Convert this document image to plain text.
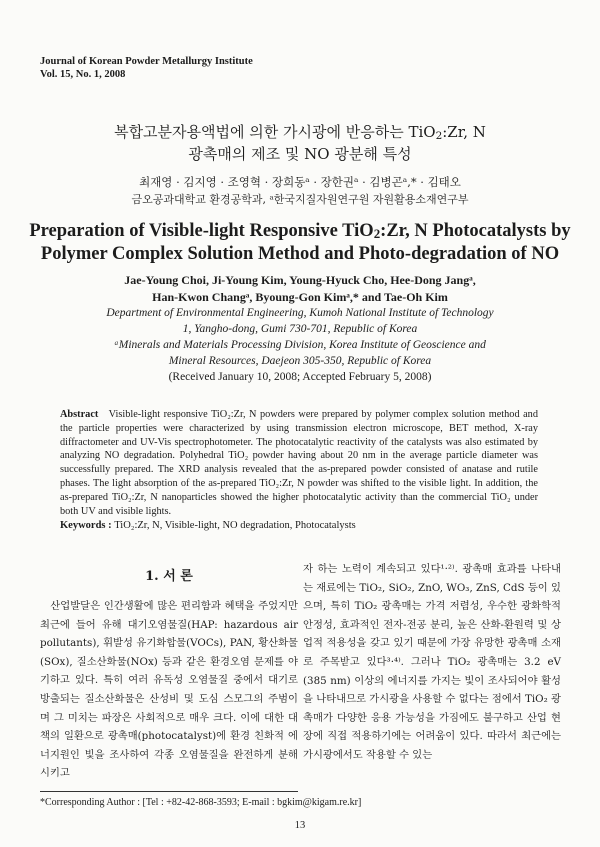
Journal of Korean Powder Metallurgy Institute
Vol. 15, No. 1, 2008
복합고분자용액법에 의한 가시광에 반응하는 TiO$_2$:Zr, N
광촉매의 제조 및 NO 광분해 특성
최재영 · 김지영 · 조영혁 · 장희동ᵃ · 장한권ᵃ · 김병곤ᵃ,* · 김태오
금오공과대학교 환경공학과, ᵃ한국지질자원연구원 자원활용소재연구부
Preparation of Visible-light Responsive TiO$_2$:Zr, N Photocatalysts by
Polymer Complex Solution Method and Photo-degradation of NO
Jae-Young Choi, Ji-Young Kim, Young-Hyuck Cho, Hee-Dong Jangᵃ,
Han-Kwon Changᵃ, Byoung-Gon Kimᵃ,* and Tae-Oh Kim
Department of Environmental Engineering, Kumoh National Institute of Technology
1, Yangho-dong, Gumi 730-701, Republic of Korea
ᵃMinerals and Materials Processing Division, Korea Institute of Geoscience and
Mineral Resources, Daejeon 305-350, Republic of Korea
(Received January 10, 2008; Accepted February 5, 2008)
Abstract Visible-light responsive TiO₂:Zr, N powders were prepared by polymer complex solution method and the particle properties were characterized by using transmission electron microscope, BET method, X-ray diffractometer and UV-Vis spectrophotometer. The photocatalytic reactivity of the catalysts was also estimated by analyzing NO degradation. Polyhedral TiO₂ powder having about 20 nm in the average particle diameter was successfully prepared. The XRD analysis revealed that the as-prepared powder consisted of anatase and rutile phases. The light absorption of the as-prepared TiO₂:Zr, N powder was shifted to the visible light. In addition, the as-prepared TiO₂:Zr, N nanoparticles showed the higher photocatalytic activity than the commercial TiO₂ under both UV and visible lights.
Keywords : TiO₂:Zr, N, Visible-light, NO degradation, Photocatalysts
1. 서 론
산업발달은 인간생활에 많은 편리함과 혜택을 주었지만 최근에 들어 유해 대기오염물질(HAP: hazardous air pollutants), 휘발성 유기화합물(VOCs), PAN, 황산화물(SOx), 질소산화물(NOx) 등과 같은 환경오염 문제를 야기하고 있다. 특히 여러 유독성 오염물질 중에서 대기로 방출되는 질소산화물은 산성비 및 도심 스모그의 주범이며 그 미치는 파장은 사회적으로 매우 크다. 이에 대한 대책의 일환으로 광촉매(photocatalyst)에 환경 친화적 에너지원인 빛을 조사하여 각종 오염물질을 완전하게 분해시키고
자 하는 노력이 계속되고 있다¹·²⁾. 광촉매 효과를 나타내는 재료에는 TiO₂, SiO₂, ZnO, WO₃, ZnS, CdS 등이 있으며, 특히 TiO₂ 광촉매는 가격 저렴성, 우수한 광화학적 안정성, 효과적인 전자-전공 분리, 높은 산화-환원력 및 상업적 적용성을 갖고 있기 때문에 가장 유망한 광촉매 소재로 주목받고 있다³·⁴⁾. 그러나 TiO₂ 광촉매는 3.2 eV (385 nm) 이상의 에너지를 가지는 빛이 조사되어야 활성을 나타내므로 가시광을 사용할 수 없다는 점에서 TiO₂ 광촉매가 다양한 응용 가능성을 가짐에도 불구하고 산업 현장에 직접 적용하기에는 어려움이 있다. 따라서 최근에는 가시광에서도 작용할 수 있는
*Corresponding Author : [Tel : +82-42-868-3593; E-mail : bgkim@kigam.re.kr]
13
